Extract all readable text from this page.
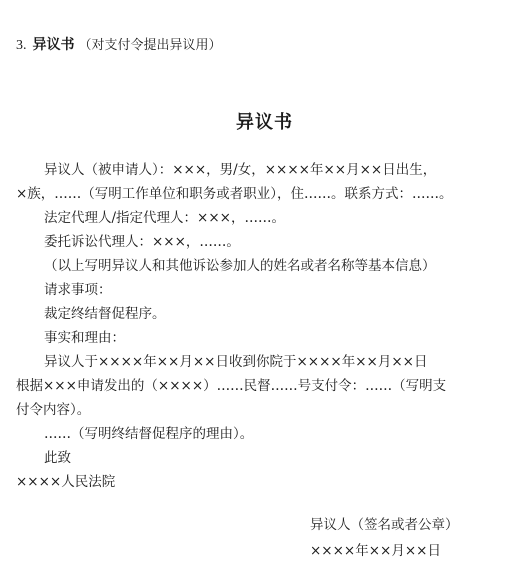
3. 异议书 （对支付令提出异议用）
异议书
异议人（被申请人）：×××，男/女，××××年××月××日出生，
×族，……（写明工作单位和职务或者职业），住……。联系方式：……。
法定代理人/指定代理人：×××，……。
委托诉讼代理人：×××，……。
（以上写明异议人和其他诉讼参加人的姓名或者名称等基本信息）
请求事项：
裁定终结督促程序。
事实和理由：
异议人于××××年××月××日收到你院于××××年××月××日
根据×××申请发出的（××××）……民督……号支付令：……（写明支
付令内容）。
……（写明终结督促程序的理由）。
此致
××××人民法院
异议人（签名或者公章）
××××年××月××日
